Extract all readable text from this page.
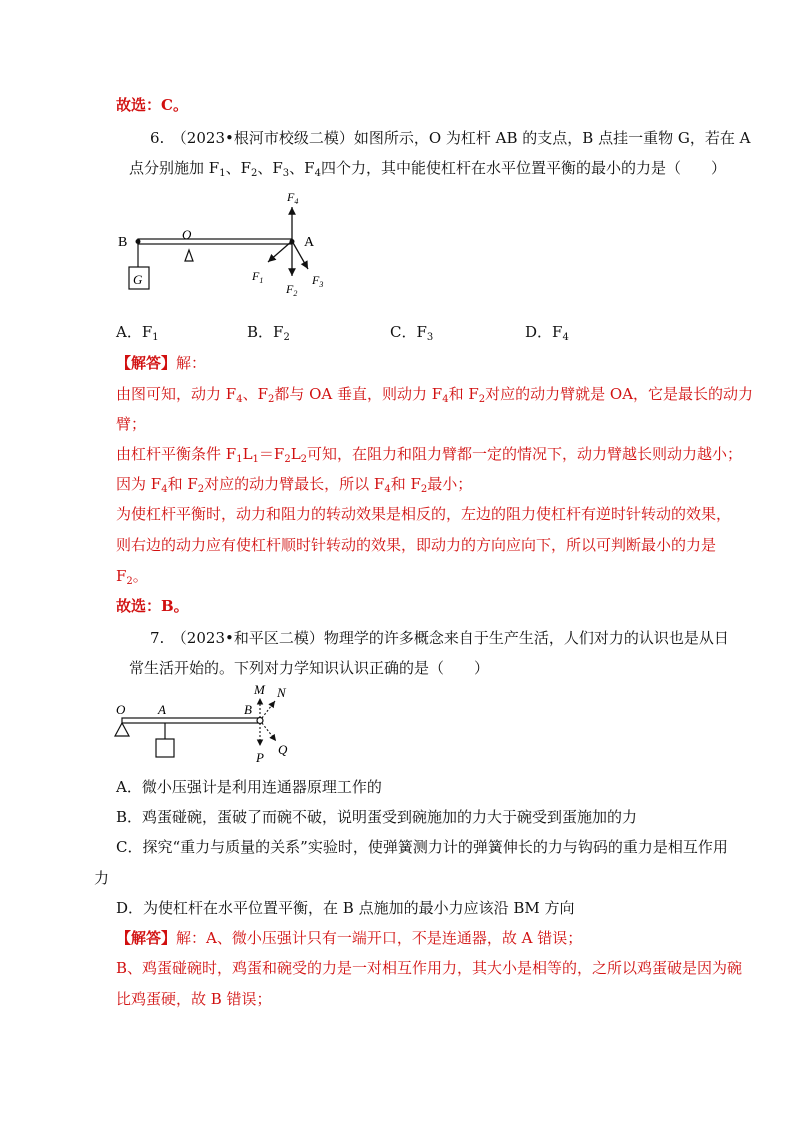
故选：C。
6.　（2023•根河市校级二模）如图所示，O 为杠杆 AB 的支点，B 点挂一重物 G，若在 A
点分别施加 $F_1$、$F_2$、$F_3$、$F_4$四个力，其中能使杠杆在水平位置平衡的最小的力是（　　）
B
O
A
G
$F_4$
$F_1$
$F_2$
$F_3$
A．$F_1$	B．$F_2$	C．$F_3$	D．$F_4$
【解答】解：
由图可知，动力 $F_4$、$F_2$都与 OA 垂直，则动力 $F_4$和 $F_2$对应的动力臂就是 OA，它是最长的动力
臂；
由杠杆平衡条件 $F_1L_1=F_2L_2$可知，在阻力和阻力臂都一定的情况下，动力臂越长则动力越小；
因为 $F_4$和 $F_2$对应的动力臂最长，所以 $F_4$和 $F_2$最小；
为使杠杆平衡时，动力和阻力的转动效果是相反的，左边的阻力使杠杆有逆时针转动的效果，
则右边的动力应有使杠杆顺时针转动的效果，即动力的方向应向下，所以可判断最小的力是
$F_2$。
故选：B。
7.　（2023•和平区二模）物理学的许多概念来自于生产生活，人们对力的认识也是从日
常生活开始的。下列对力学知识认识正确的是（　　）
O	A	B
M N
P
Q
A．微小压强计是利用连通器原理工作的
B．鸡蛋碰碗，蛋破了而碗不破，说明蛋受到碗施加的力大于碗受到蛋施加的力
C．探究“重力与质量的关系”实验时，使弹簧测力计的弹簧伸长的力与钩码的重力是相互作用
力
D．为使杠杆在水平位置平衡，在 B 点施加的最小力应该沿 BM 方向
【解答】解：A、微小压强计只有一端开口，不是连通器，故 A 错误；
B、鸡蛋碰碗时，鸡蛋和碗受的力是一对相互作用力，其大小是相等的，之所以鸡蛋破是因为碗
比鸡蛋硬，故 B 错误；
